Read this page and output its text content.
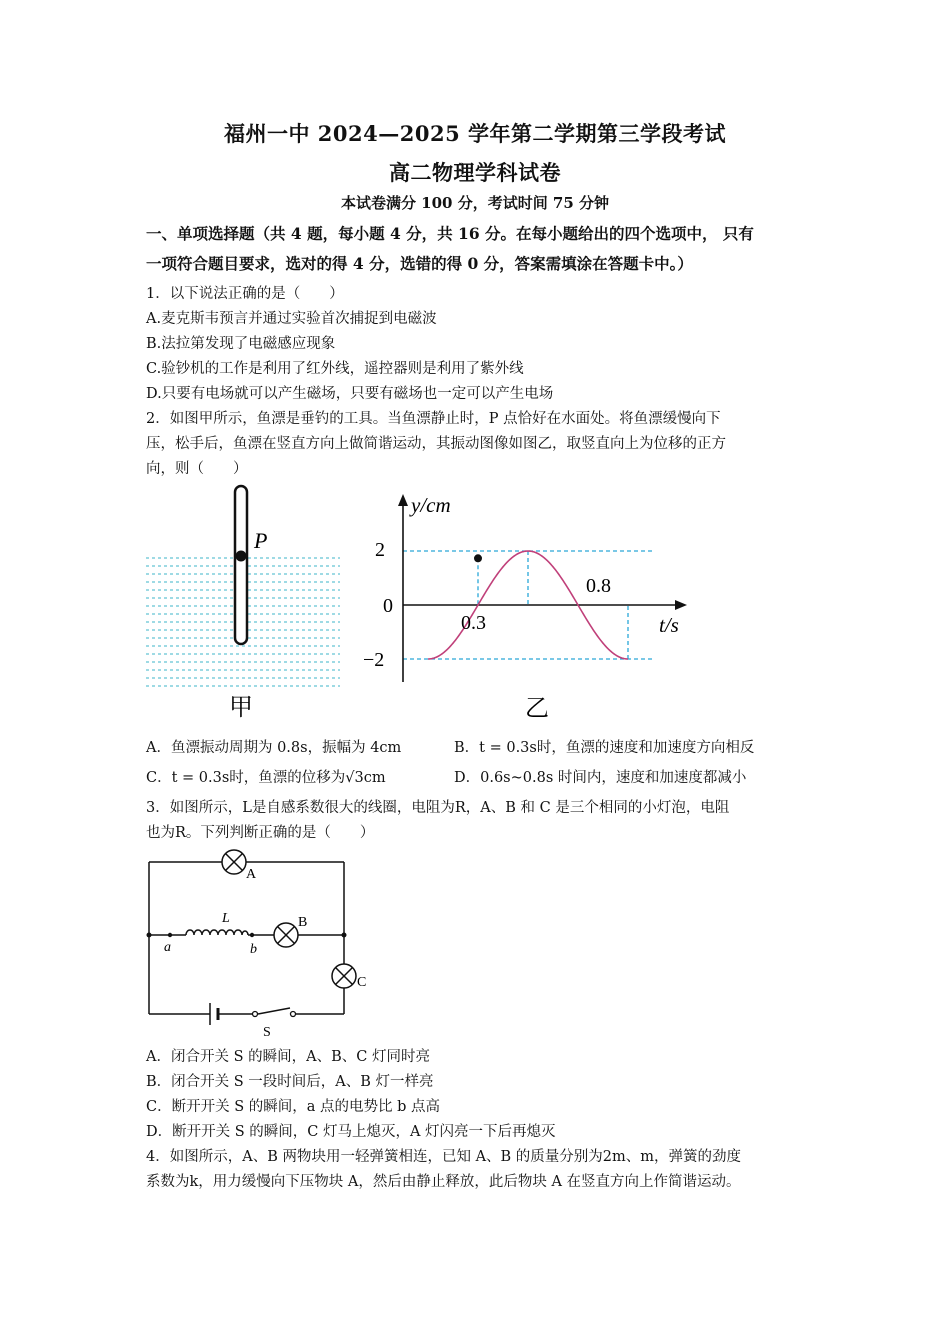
福州一中 2024—2025 学年第二学期第三学段考试
高二物理学科试卷
本试卷满分 100 分，考试时间 75 分钟
一、单项选择题（共 4 题，每小题 4 分，共 16 分。在每小题给出的四个选项中， 只有
一项符合题目要求，选对的得 4 分，选错的得 0 分，答案需填涂在答题卡中。）
1．以下说法正确的是（　　）
A.麦克斯韦预言并通过实验首次捕捉到电磁波
B.法拉第发现了电磁感应现象
C.验钞机的工作是利用了红外线，遥控器则是利用了紫外线
D.只要有电场就可以产生磁场，只要有磁场也一定可以产生电场
2．如图甲所示，鱼漂是垂钓的工具。当鱼漂静止时，P 点恰好在水面处。将鱼漂缓慢向下
压，松手后，鱼漂在竖直方向上做简谐运动，其振动图像如图乙，取竖直向上为位移的正方
向，则（　　）
P
甲
y/cm
2
0
−2
0.3
0.8
t/s
乙
A．鱼漂振动周期为 0.8s，振幅为 4cm	B．t = 0.3s时，鱼漂的速度和加速度方向相反
C．t = 0.3s时，鱼漂的位移为√3cm	D．0.6s~0.8s 时间内，速度和加速度都减小
3．如图所示，L是自感系数很大的线圈，电阻为R，A、B 和 C 是三个相同的小灯泡，电阻
也为R。下列判断正确的是（　　）
A
B
C
L
a	b
S
A．闭合开关 S 的瞬间，A、B、C 灯同时亮
B．闭合开关 S 一段时间后，A、B 灯一样亮
C．断开开关 S 的瞬间，a 点的电势比 b 点高
D．断开开关 S 的瞬间，C 灯马上熄灭，A 灯闪亮一下后再熄灭
4．如图所示，A、B 两物块用一轻弹簧相连，已知 A、B 的质量分别为2m、m，弹簧的劲度
系数为k，用力缓慢向下压物块 A，然后由静止释放，此后物块 A 在竖直方向上作简谐运动。
